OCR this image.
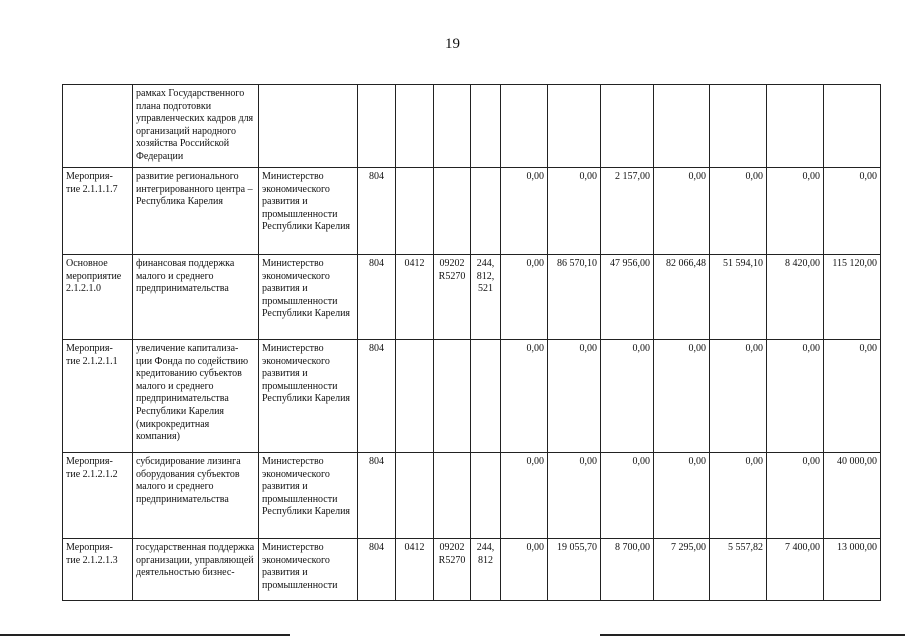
19
	рамках Государственного плана подготовки управленческих кадров для организаций народного хозяйства Российской Федерации												
Мероприя- тие 2.1.1.1.7	развитие регионального интегрированного центра – Республика Карелия	Министерство экономического развития и промышленности Республики Карелия	804				0,00	0,00	2 157,00	0,00	0,00	0,00	0,00
Основное мероприятие 2.1.2.1.0	финансовая поддержка малого и среднего предпринимательства	Министерство экономического развития и промышленности Республики Карелия	804	0412	09202 R5270	244, 812, 521	0,00	86 570,10	47 956,00	82 066,48	51 594,10	8 420,00	115 120,00
Мероприя- тие 2.1.2.1.1	увеличение капитализа- ции Фонда по содействию кредитованию субъектов малого и среднего предпринимательства Республики Карелия (микрокредитная компания)	Министерство экономического развития и промышленности Республики Карелия	804				0,00	0,00	0,00	0,00	0,00	0,00	0,00
Мероприя- тие 2.1.2.1.2	субсидирование лизинга оборудования субъектов малого и среднего предпринимательства	Министерство экономического развития и промышленности Республики Карелия	804				0,00	0,00	0,00	0,00	0,00	0,00	40 000,00
Мероприя- тие 2.1.2.1.3	государственная поддержка организации, управляющей деятельностью бизнес-	Министерство экономического развития и промышленности	804	0412	09202 R5270	244, 812	0,00	19 055,70	8 700,00	7 295,00	5 557,82	7 400,00	13 000,00
